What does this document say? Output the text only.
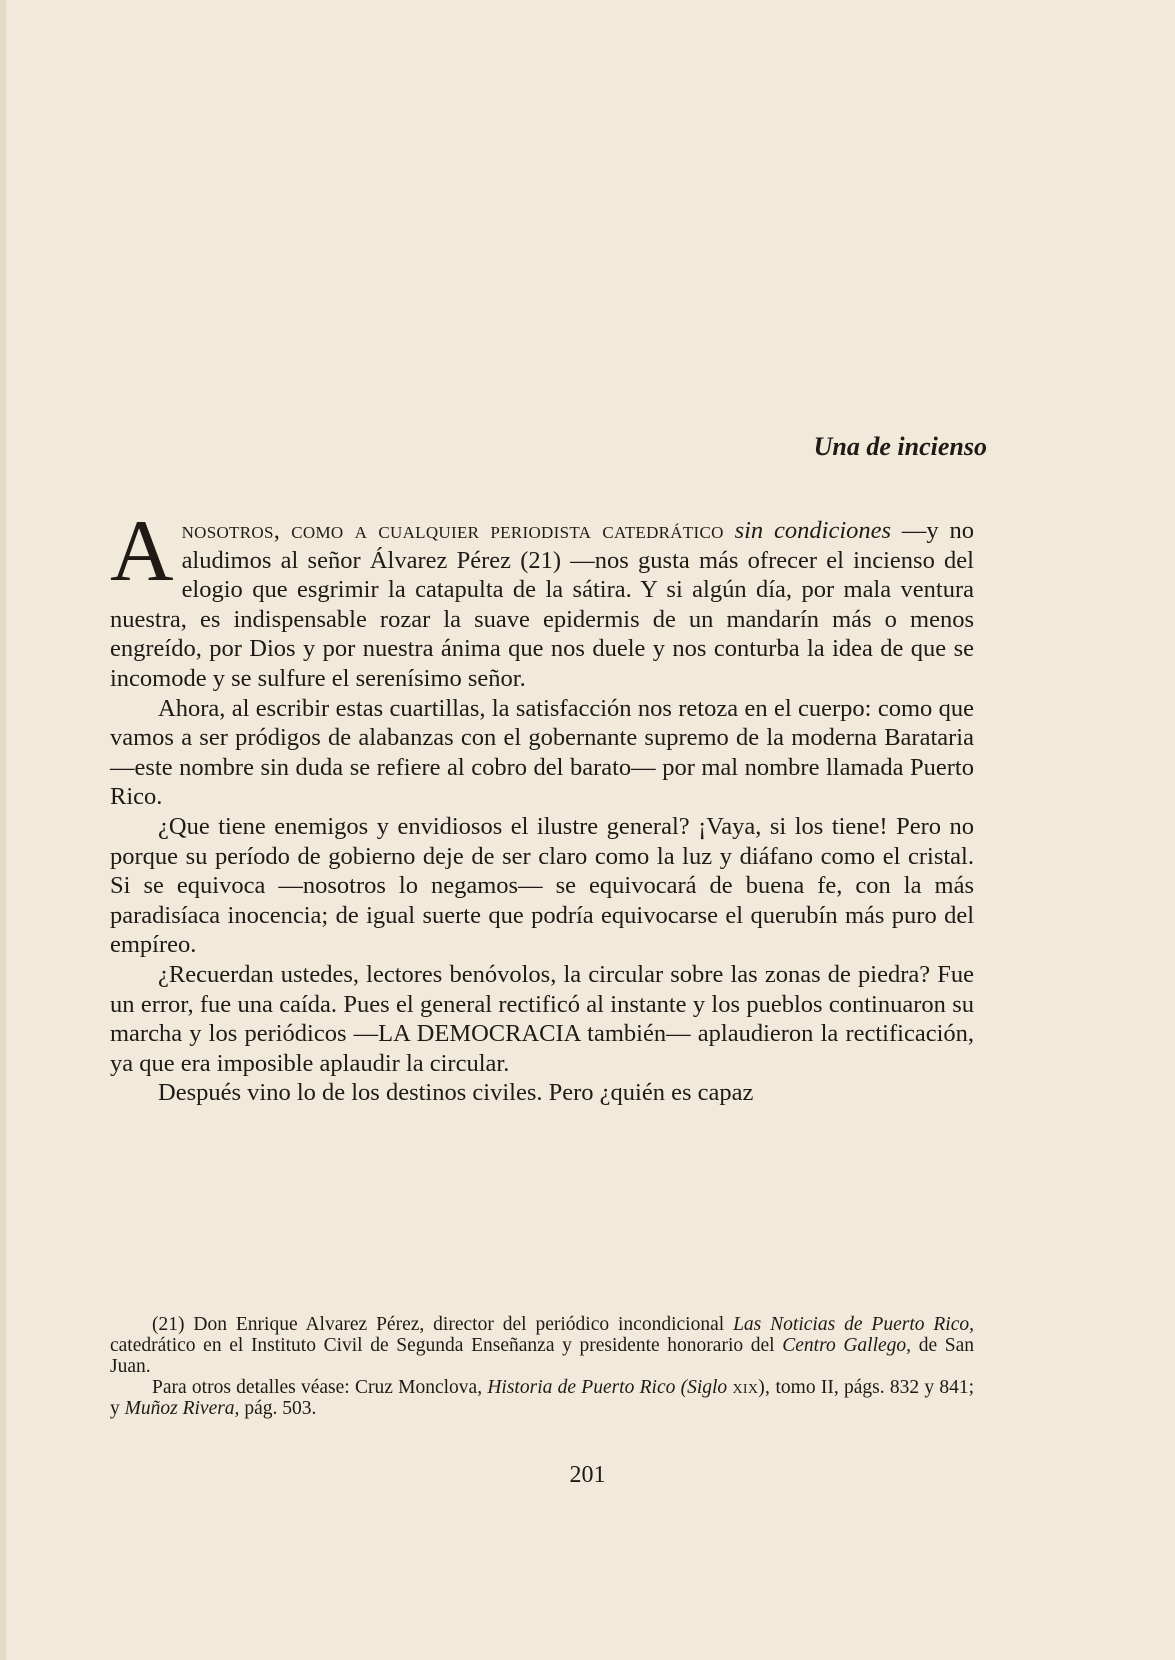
Una de incienso

A nosotros, como a cualquier periodista catedrático sin condiciones —y no aludimos al señor Álvarez Pérez (21) —nos gusta más ofrecer el incienso del elogio que esgrimir la catapulta de la sátira. Y si algún día, por mala ventura nuestra, es indispensable rozar la suave epidermis de un mandarín más o menos engreído, por Dios y por nuestra ánima que nos duele y nos conturba la idea de que se incomode y se sulfure el serenísimo señor.

Ahora, al escribir estas cuartillas, la satisfacción nos retoza en el cuerpo: como que vamos a ser pródigos de alabanzas con el gobernante supremo de la moderna Barataria —este nombre sin duda se refiere al cobro del barato— por mal nombre llamada Puerto Rico.

¿Que tiene enemigos y envidiosos el ilustre general? ¡Vaya, si los tiene! Pero no porque su período de gobierno deje de ser claro como la luz y diáfano como el cristal. Si se equivoca —nosotros lo negamos— se equivocará de buena fe, con la más paradisíaca inocencia; de igual suerte que podría equivocarse el querubín más puro del empíreo.

¿Recuerdan ustedes, lectores benóvolos, la circular sobre las zonas de piedra? Fue un error, fue una caída. Pues el general rectificó al instante y los pueblos continuaron su marcha y los periódicos —LA DEMOCRACIA también— aplaudieron la rectificación, ya que era imposible aplaudir la circular.

Después vino lo de los destinos civiles. Pero ¿quién es capaz

(21) Don Enrique Alvarez Pérez, director del periódico incondicional Las Noticias de Puerto Rico, catedrático en el Instituto Civil de Segunda Enseñanza y presidente honorario del Centro Gallego, de San Juan.

Para otros detalles véase: Cruz Monclova, Historia de Puerto Rico (Siglo xix), tomo II, págs. 832 y 841; y Muñoz Rivera, pág. 503.

201
